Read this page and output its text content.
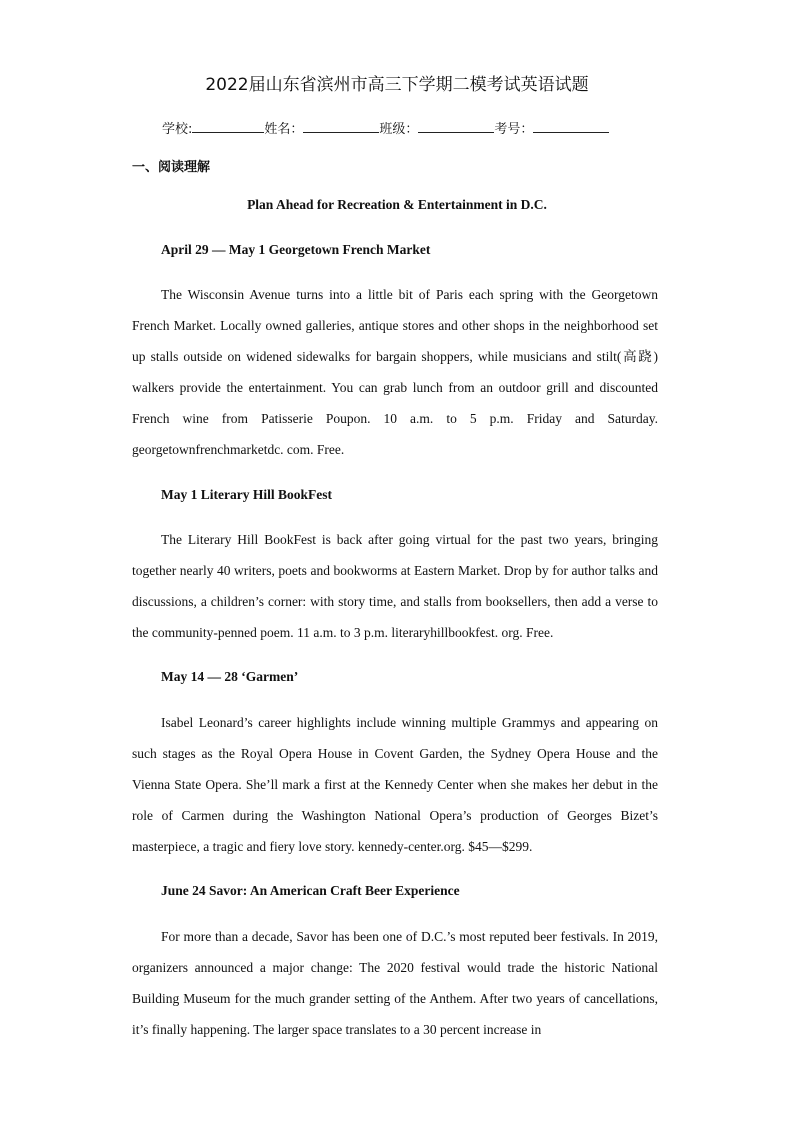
2022届山东省滨州市高三下学期二模考试英语试题
学校:	姓名：	班级：	考号：
一、阅读理解
Plan Ahead for Recreation & Entertainment in D.C.
April 29 — May 1 Georgetown French Market
The Wisconsin Avenue turns into a little bit of Paris each spring with the Georgetown French Market. Locally owned galleries, antique stores and other shops in the neighborhood set up stalls outside on widened sidewalks for bargain shoppers, while musicians and stilt(高跷) walkers provide the entertainment. You can grab lunch from an outdoor grill and discounted French wine from Patisserie Poupon. 10 a.m. to 5 p.m. Friday and Saturday. georgetownfrenchmarketdc. com. Free.
May 1 Literary Hill BookFest
The Literary Hill BookFest is back after going virtual for the past two years, bringing together nearly 40 writers, poets and bookworms at Eastern Market. Drop by for author talks and discussions, a children’s corner: with story time, and stalls from booksellers, then add a verse to the community-penned poem. 11 a.m. to 3 p.m. literaryhillbookfest. org. Free.
May 14 — 28 ‘Garmen’
Isabel Leonard’s career highlights include winning multiple Grammys and appearing on such stages as the Royal Opera House in Covent Garden, the Sydney Opera House and the Vienna State Opera. She’ll mark a first at the Kennedy Center when she makes her debut in the role of Carmen during the Washington National Opera’s production of Georges Bizet’s masterpiece, a tragic and fiery love story. kennedy-center.org. $45—$299.
June 24 Savor: An American Craft Beer Experience
For more than a decade, Savor has been one of D.C.’s most reputed beer festivals. In 2019, organizers announced a major change: The 2020 festival would trade the historic National Building Museum for the much grander setting of the Anthem. After two years of cancellations, it’s finally happening. The larger space translates to a 30 percent increase in
